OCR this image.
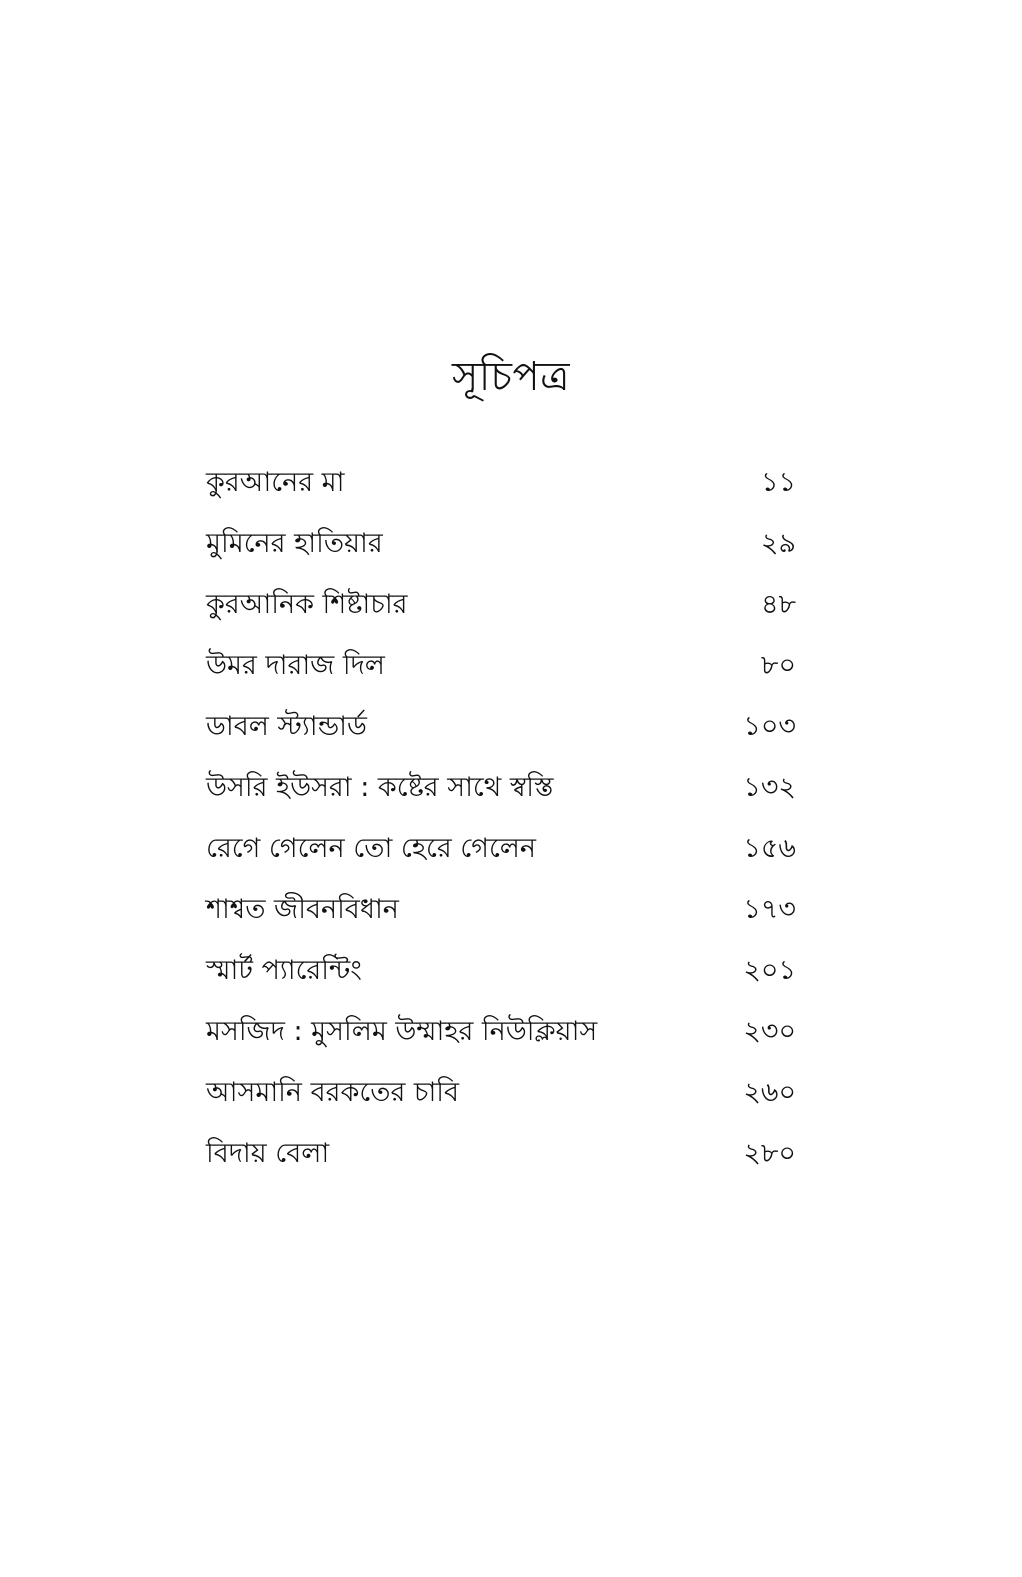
সূচিপত্র
কুরআনের মা	১১
মুমিনের হাতিয়ার	২৯
কুরআনিক শিষ্টাচার	৪৮
উমর দারাজ দিল	৮০
ডাবল স্ট্যান্ডার্ড	১০৩
উসরি ইউসরা : কষ্টের সাথে স্বস্তি	১৩২
রেগে গেলেন তো হেরে গেলেন	১৫৬
শাশ্বত জীবনবিধান	১৭৩
স্মার্ট প্যারেন্টিং	২০১
মসজিদ : মুসলিম উম্মাহর নিউক্লিয়াস	২৩০
আসমানি বরকতের চাবি	২৬০
বিদায় বেলা	২৮০
